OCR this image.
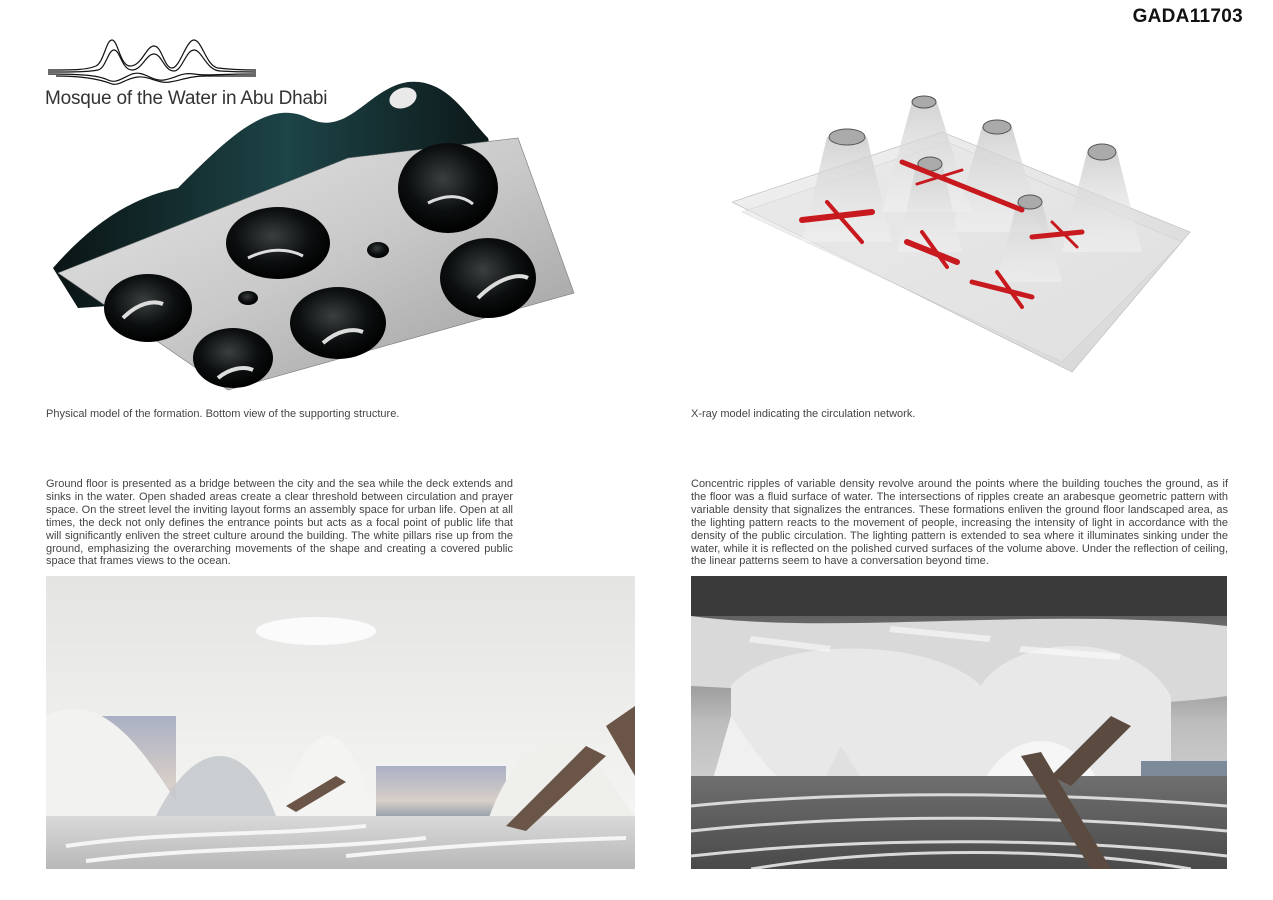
GADA11703
Mosque of the Water in Abu Dhabi
Physical model of the formation. Bottom view of the supporting structure.	X-ray model indicating the circulation network.
Ground floor is presented as a bridge between the city and the sea while the deck extends and sinks in the water. Open shaded areas create a clear threshold between circulation and prayer space. On the street level the inviting layout forms an assembly space for urban life. Open at all times, the deck not only defines the entrance points but acts as a focal point of public life that will significantly enliven the street culture around the building. The white pillars rise up from the ground, emphasizing the overarching movements of the shape and creating a covered public space that frames views to the ocean.
Concentric ripples of variable density revolve around the points where the building touches the ground, as if the floor was a fluid surface of water. The intersections of ripples create an arabesque geometric pattern with variable density that signalizes the entrances. These formations enliven the ground floor landscaped area, as the lighting pattern reacts to the movement of people, increasing the intensity of light in accordance with the density of the public circulation. The lighting pattern is extended to sea where it illuminates sinking under the water, while it is reflected on the polished curved surfaces of the volume above. Under the reflection of ceiling, the linear patterns seem to have a conversation beyond time.
